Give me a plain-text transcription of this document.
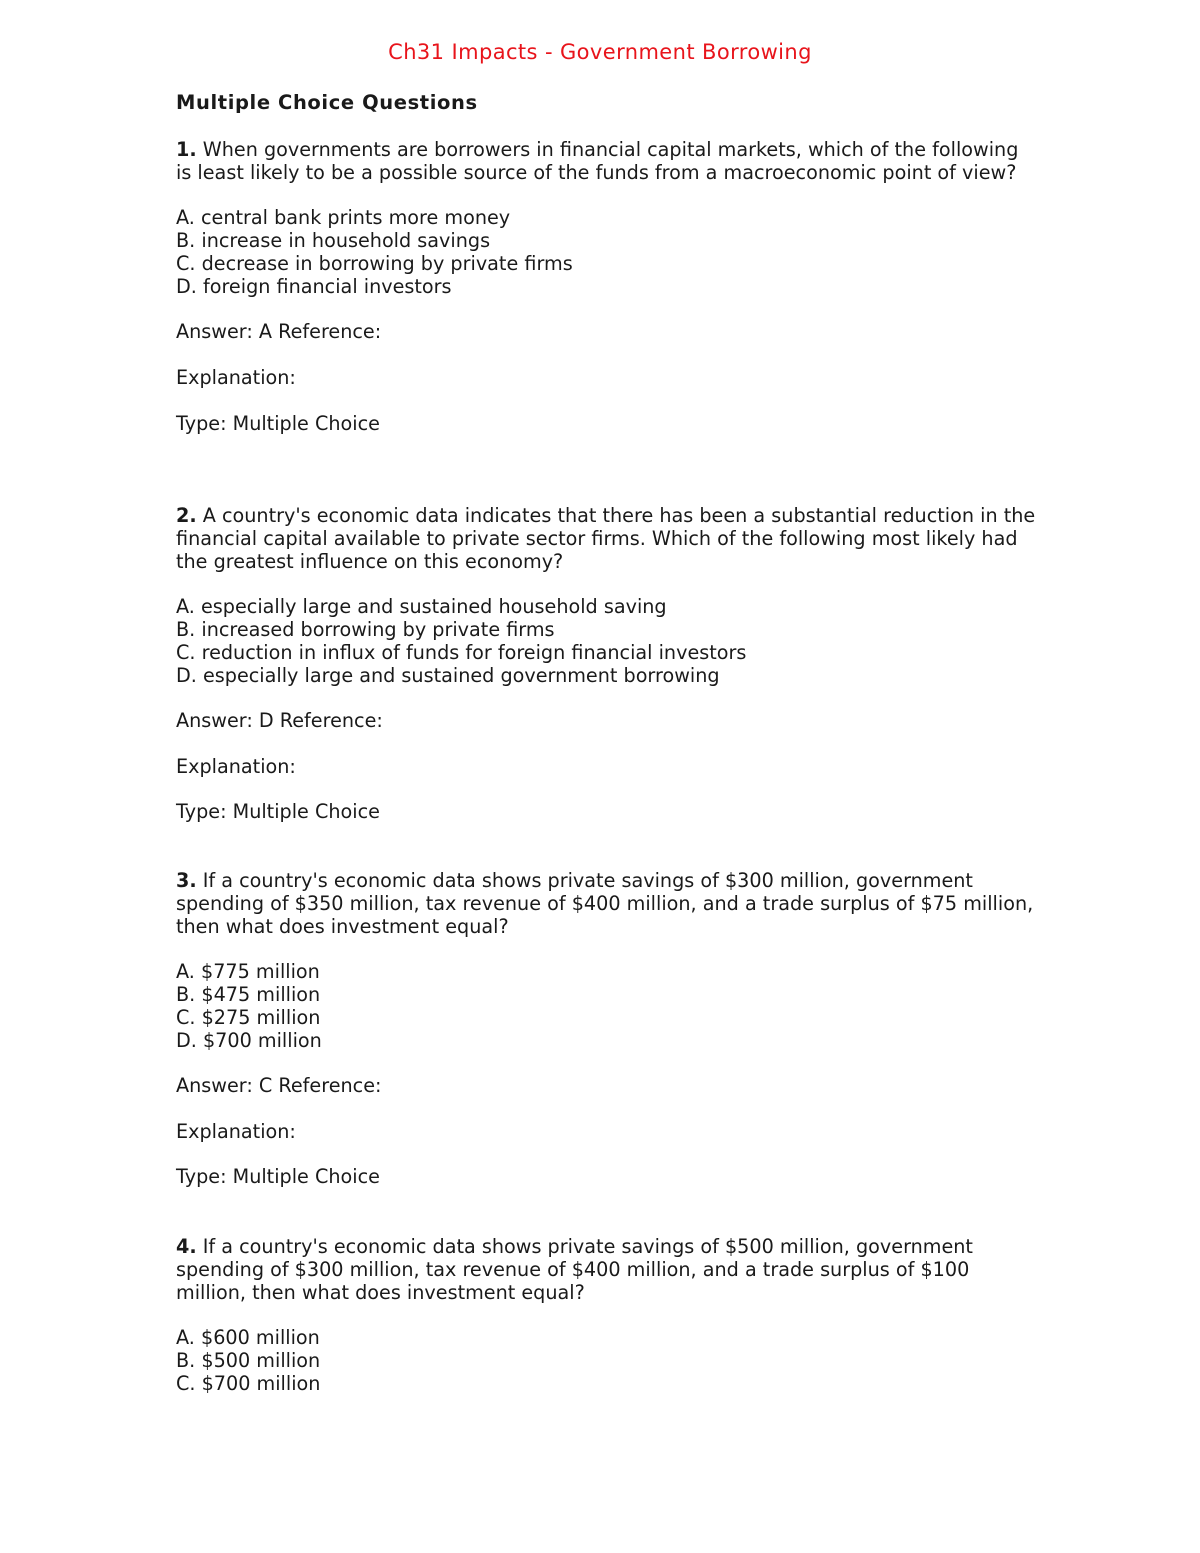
Ch31 Impacts - Government Borrowing
Multiple Choice Questions

1. When governments are borrowers in financial capital markets, which of the following is least likely to be a possible source of the funds from a macroeconomic point of view?

A. central bank prints more money
B. increase in household savings
C. decrease in borrowing by private firms
D. foreign financial investors

Answer: A Reference:

Explanation:

Type: Multiple Choice

2. A country's economic data indicates that there has been a substantial reduction in the financial capital available to private sector firms. Which of the following most likely had the greatest influence on this economy?

A. especially large and sustained household saving
B. increased borrowing by private firms
C. reduction in influx of funds for foreign financial investors
D. especially large and sustained government borrowing

Answer: D Reference:

Explanation:

Type: Multiple Choice

3. If a country's economic data shows private savings of $300 million, government spending of $350 million, tax revenue of $400 million, and a trade surplus of $75 million, then what does investment equal?

A. $775 million
B. $475 million
C. $275 million
D. $700 million

Answer: C Reference:

Explanation:

Type: Multiple Choice

4. If a country's economic data shows private savings of $500 million, government spending of $300 million, tax revenue of $400 million, and a trade surplus of $100 million, then what does investment equal?

A. $600 million
B. $500 million
C. $700 million
